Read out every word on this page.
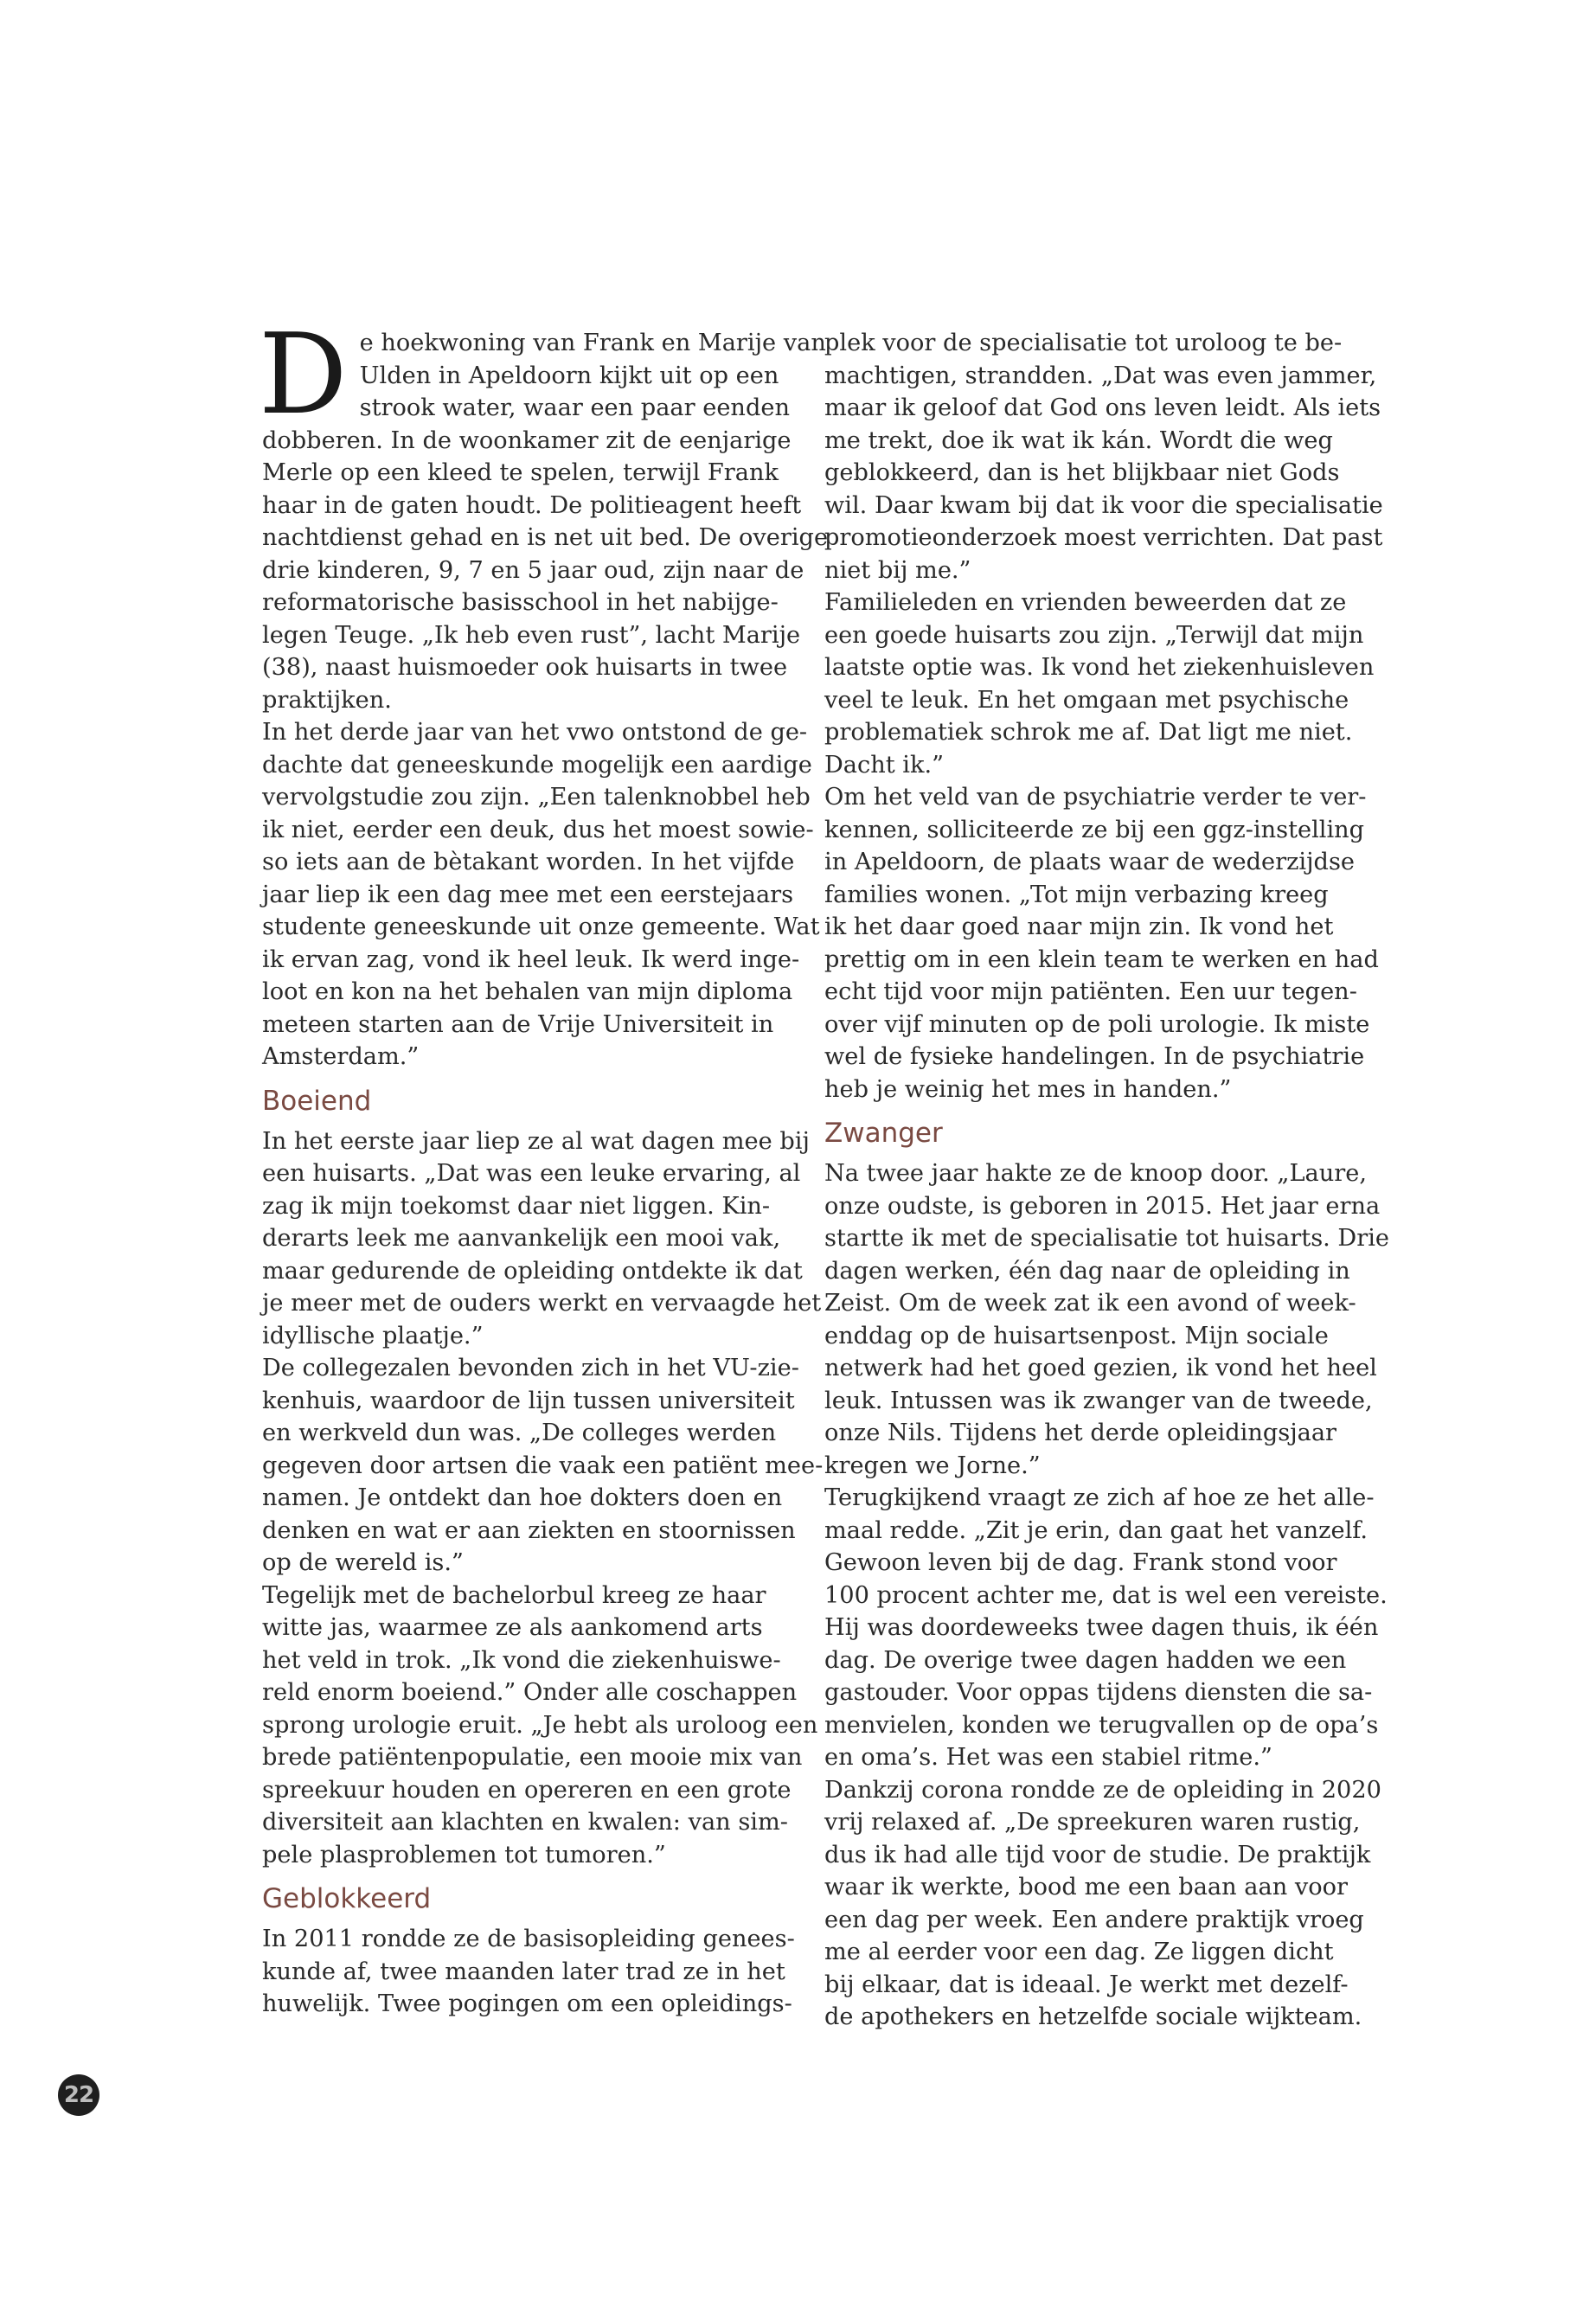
D e hoekwoning van Frank en Marije van
Ulden in Apeldoorn kijkt uit op een
strook water, waar een paar eenden
dobberen. In de woonkamer zit de eenjarige
Merle op een kleed te spelen, terwijl Frank
haar in de gaten houdt. De politieagent heeft
nachtdienst gehad en is net uit bed. De overige
drie kinderen, 9, 7 en 5 jaar oud, zijn naar de
reformatorische basisschool in het nabijge-
legen Teuge. „Ik heb even rust”, lacht Marije
(38), naast huismoeder ook huisarts in twee
praktijken.
In het derde jaar van het vwo ontstond de ge-
dachte dat geneeskunde mogelijk een aardige
vervolgstudie zou zijn. „Een talenknobbel heb
ik niet, eerder een deuk, dus het moest sowie-
so iets aan de bètakant worden. In het vijfde
jaar liep ik een dag mee met een eerstejaars
studente geneeskunde uit onze gemeente. Wat
ik ervan zag, vond ik heel leuk. Ik werd inge-
loot en kon na het behalen van mijn diploma
meteen starten aan de Vrije Universiteit in
Amsterdam.”
Boeiend
In het eerste jaar liep ze al wat dagen mee bij
een huisarts. „Dat was een leuke ervaring, al
zag ik mijn toekomst daar niet liggen. Kin-
derarts leek me aanvankelijk een mooi vak,
maar gedurende de opleiding ontdekte ik dat
je meer met de ouders werkt en vervaagde het
idyllische plaatje.”
De collegezalen bevonden zich in het VU-zie-
kenhuis, waardoor de lijn tussen universiteit
en werkveld dun was. „De colleges werden
gegeven door artsen die vaak een patiënt mee-
namen. Je ontdekt dan hoe dokters doen en
denken en wat er aan ziekten en stoornissen
op de wereld is.”
Tegelijk met de bachelorbul kreeg ze haar
witte jas, waarmee ze als aankomend arts
het veld in trok. „Ik vond die ziekenhuiswe-
reld enorm boeiend.” Onder alle coschappen
sprong urologie eruit. „Je hebt als uroloog een
brede patiëntenpopulatie, een mooie mix van
spreekuur houden en opereren en een grote
diversiteit aan klachten en kwalen: van sim-
pele plasproblemen tot tumoren.”
Geblokkeerd
In 2011 rondde ze de basisopleiding genees-
kunde af, twee maanden later trad ze in het
huwelijk. Twee pogingen om een opleidings-
plek voor de specialisatie tot uroloog te be-
machtigen, strandden. „Dat was even jammer,
maar ik geloof dat God ons leven leidt. Als iets
me trekt, doe ik wat ik kán. Wordt die weg
geblokkeerd, dan is het blijkbaar niet Gods
wil. Daar kwam bij dat ik voor die specialisatie
promotieonderzoek moest verrichten. Dat past
niet bij me.”
Familieleden en vrienden beweerden dat ze
een goede huisarts zou zijn. „Terwijl dat mijn
laatste optie was. Ik vond het ziekenhuisleven
veel te leuk. En het omgaan met psychische
problematiek schrok me af. Dat ligt me niet.
Dacht ik.”
Om het veld van de psychiatrie verder te ver-
kennen, solliciteerde ze bij een ggz-instelling
in Apeldoorn, de plaats waar de wederzijdse
families wonen. „Tot mijn verbazing kreeg
ik het daar goed naar mijn zin. Ik vond het
prettig om in een klein team te werken en had
echt tijd voor mijn patiënten. Een uur tegen-
over vijf minuten op de poli urologie. Ik miste
wel de fysieke handelingen. In de psychiatrie
heb je weinig het mes in handen.”
Zwanger
Na twee jaar hakte ze de knoop door. „Laure,
onze oudste, is geboren in 2015. Het jaar erna
startte ik met de specialisatie tot huisarts. Drie
dagen werken, één dag naar de opleiding in
Zeist. Om de week zat ik een avond of week-
enddag op de huisartsenpost. Mijn sociale
netwerk had het goed gezien, ik vond het heel
leuk. Intussen was ik zwanger van de tweede,
onze Nils. Tijdens het derde opleidingsjaar
kregen we Jorne.”
Terugkijkend vraagt ze zich af hoe ze het alle-
maal redde. „Zit je erin, dan gaat het vanzelf.
Gewoon leven bij de dag. Frank stond voor
100 procent achter me, dat is wel een vereiste.
Hij was doordeweeks twee dagen thuis, ik één
dag. De overige twee dagen hadden we een
gastouder. Voor oppas tijdens diensten die sa-
menvielen, konden we terugvallen op de opa’s
en oma’s. Het was een stabiel ritme.”
Dankzij corona rondde ze de opleiding in 2020
vrij relaxed af. „De spreekuren waren rustig,
dus ik had alle tijd voor de studie. De praktijk
waar ik werkte, bood me een baan aan voor
een dag per week. Een andere praktijk vroeg
me al eerder voor een dag. Ze liggen dicht
bij elkaar, dat is ideaal. Je werkt met dezelf-
de apothekers en hetzelfde sociale wijkteam.
22
